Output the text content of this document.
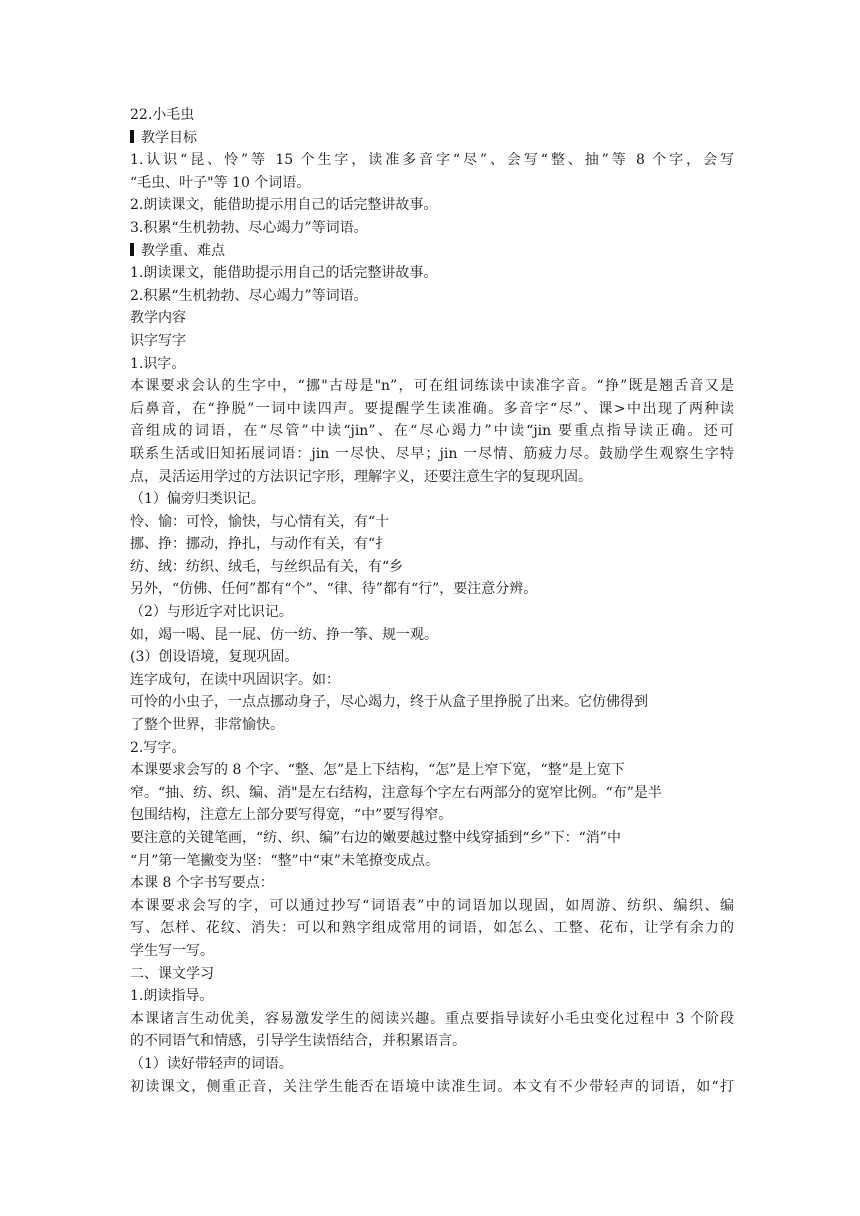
22.小毛虫
教学目标
1.认识“昆、怜”等 15 个生字，读准多音字“尽”、会写“整、抽”等 8 个字，会写
“毛虫、叶子"等 10 个词语。
2.朗读课文，能借助提示用自己的话完整讲故事。
3.积累“生机勃勃、尽心竭力”等词语。
教学重、难点
1.朗读课文，能借助提示用自己的话完整讲故事。
2.积累“生机勃勃、尽心竭力”等词语。
教学内容
识字写字
1.识字。
本课要求会认的生字中，“挪"古母是"n”，可在组词练读中读准字音。“挣”既是翘舌音又是
后鼻音，在“挣脱”一词中读四声。要提醒学生读准确。多音字“尽”、课>中出现了两种读
音组成的词语，在“尽管”中读“jin”、在“尽心竭力”中读“jin 要重点指导读正确。还可
联系生活或旧知拓展词语：jin 一尽快、尽早；jin 一尽情、筋疲力尽。鼓励学生观察生字特
点，灵活运用学过的方法识记字形，理解字义，还要注意生字的复现巩固。
（1）偏旁归类识记。
怜、愉：可怜，愉快，与心情有关，有“十
挪、挣：挪动，挣扎，与动作有关，有“扌
纺、绒：纺织、绒毛，与丝织品有关，有“乡
另外，“仿佛、任何”都有“个”、“律、待”都有“行”，要注意分辨。
（2）与形近字对比识记。
如，竭一喝、昆一屁、仿一纺、挣一筝、规一观。
(3）创设语境，复现巩固。
连字成句，在读中巩固识字。如：
可怜的小虫子，一点点挪动身子，尽心竭力，终于从盒子里挣脱了出来。它仿佛得到
了整个世界，非常愉快。
2.写字。
本课要求会写的 8 个字、“整、怎”是上下结构，“怎”是上窄下宽，“整”是上宽下
窄。“抽、纺、织、编、消"是左右结构，注意每个字左右两部分的宽窄比例。“布”是半
包围结构，注意左上部分要写得宽，“中”要写得窄。
要注意的关键笔画，“纺、织、编”右边的嫩要越过整中线穿插到“乡”下：“消”中
“月”第一笔撇变为坚：“整”中“束”未笔撩变成点。
本课 8 个字书写要点：
本课要求会写的字，可以通过抄写“词语表”中的词语加以现固，如周游、纺织、编织、编
写、怎样、花纹、消失：可以和熟字组成常用的词语，如怎么、工整、花布，让学有余力的
学生写一写。
二、课文学习
1.朗读指导。
本课诸言生动优美，容易激发学生的阅读兴趣。重点要指导读好小毛虫变化过程中 3 个阶段
的不同语气和情感，引导学生读悟结合，并积累语言。
（1）读好带轻声的词语。
初读课文，侧重正音，关注学生能否在语境中读准生词。本文有不少带轻声的词语，如“打
